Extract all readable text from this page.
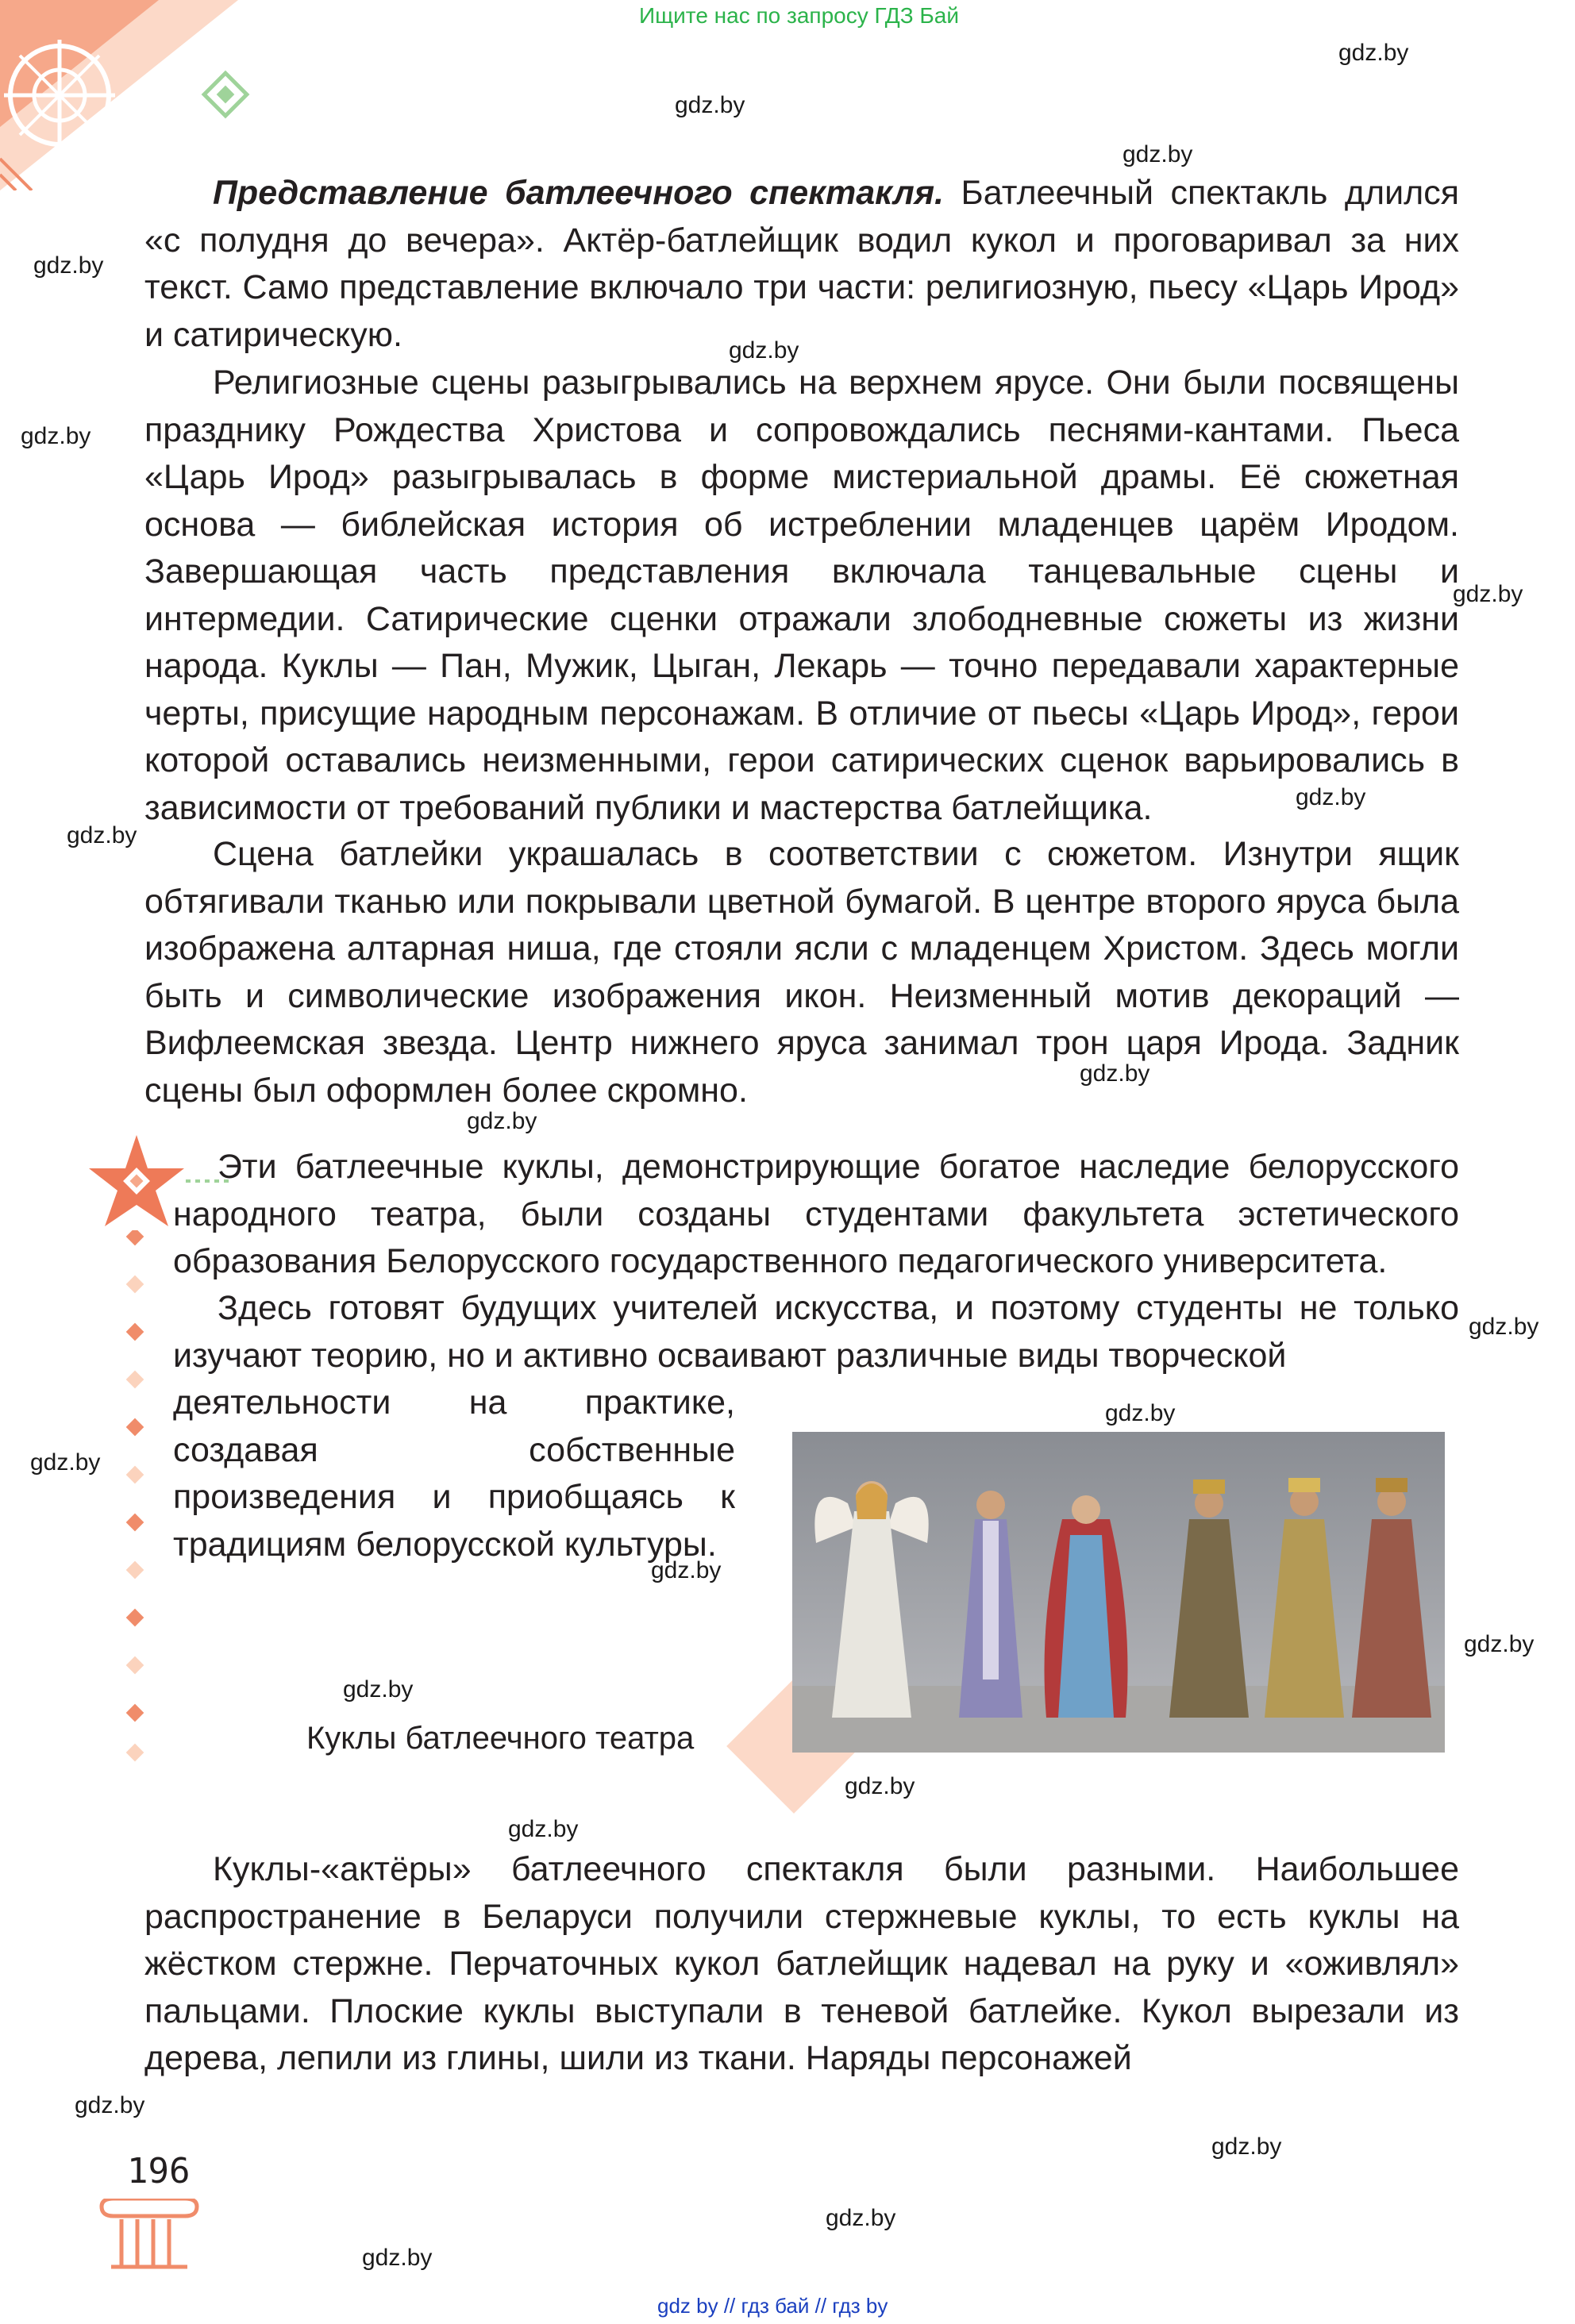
Ищите нас по запросу ГДЗ Бай

Представление батлеечного спектакля. Батлеечный спектакль длился «с полудня до вечера». Актёр-батлейщик водил кукол и проговаривал за них текст. Само представление включало три части: религиозную, пьесу «Царь Ирод» и сатирическую.

Религиозные сцены разыгрывались на верхнем ярусе. Они были посвящены празднику Рождества Христова и сопровождались песнями-кантами. Пьеса «Царь Ирод» разыгрывалась в форме мистериальной драмы. Её сюжетная основа — библейская история об истреблении младенцев царём Иродом. Завершающая часть представления включала танцевальные сцены и интермедии. Сатирические сценки отражали злободневные сюжеты из жизни народа. Куклы — Пан, Мужик, Цыган, Лекарь — точно передавали характерные черты, присущие народным персонажам. В отличие от пьесы «Царь Ирод», герои которой оставались неизменными, герои сатирических сценок варьировались в зависимости от требований публики и мастерства батлейщика.

Сцена батлейки украшалась в соответствии с сюжетом. Изнутри ящик обтягивали тканью или покрывали цветной бумагой. В центре второго яруса была изображена алтарная ниша, где стояли ясли с младенцем Христом. Здесь могли быть и символические изображения икон. Неизменный мотив декораций — Вифлеемская звезда. Центр нижнего яруса занимал трон царя Ирода. Задник сцены был оформлен более скромно.

Эти батлеечные куклы, демонстрирующие богатое наследие белорусского народного театра, были созданы студентами факультета эстетического образования Белорусского государственного педагогического университета.

Здесь готовят будущих учителей искусства, и поэтому студенты не только изучают теорию, но и активно осваивают различные виды творческой

деятельности на практике, создавая собственные произведения и приобщаясь к традициям белорусской культуры.

Куклы батлеечного театра

Куклы-«актёры» батлеечного спектакля были разными. Наибольшее распространение в Беларуси получили стержневые куклы, то есть куклы на жёстком стержне. Перчаточных кукол батлейщик надевал на руку и «оживлял» пальцами. Плоские куклы выступали в теневой батлейке. Кукол вырезали из дерева, лепили из глины, шили из ткани. Наряды персонажей

196
gdz.by
gdz.by
gdz.by
gdz.by
gdz.by
gdz.by
gdz.by
gdz.by
gdz.by
gdz.by
gdz.by
gdz.by
gdz.by
gdz.by
gdz.by
gdz.by
gdz.by
gdz.by
gdz.by
gdz.by
gdz.by
gdz.by
gdz.by
gdz by // гдз бай // гдз by
